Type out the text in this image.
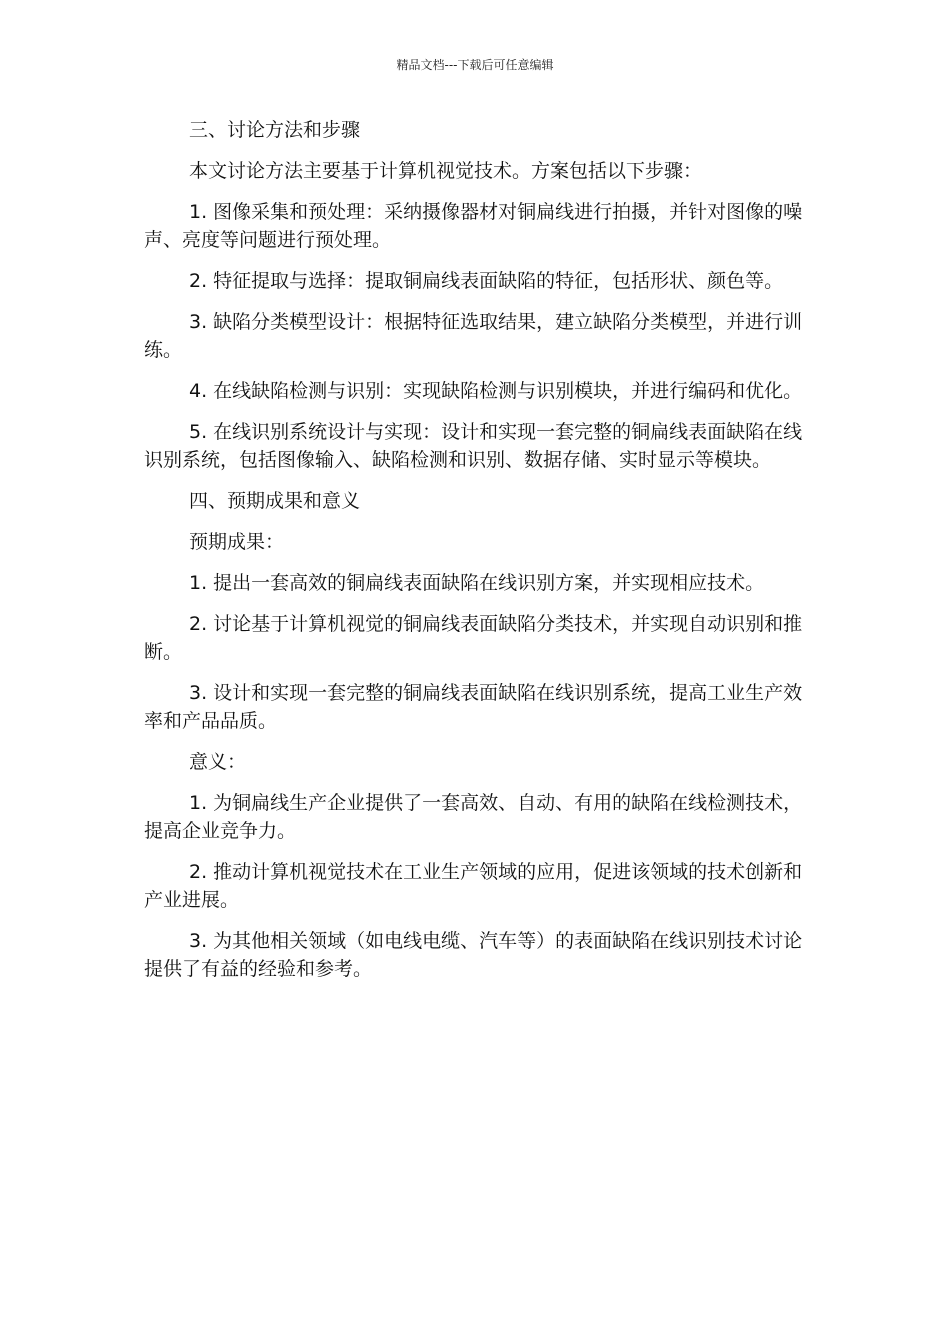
精品文档---下载后可任意编辑

三、讨论方法和步骤

本文讨论方法主要基于计算机视觉技术。方案包括以下步骤：

1. 图像采集和预处理：采纳摄像器材对铜扁线进行拍摄，并针对图像的噪声、亮度等问题进行预处理。

2. 特征提取与选择：提取铜扁线表面缺陷的特征，包括形状、颜色等。

3. 缺陷分类模型设计：根据特征选取结果，建立缺陷分类模型，并进行训练。

4. 在线缺陷检测与识别：实现缺陷检测与识别模块，并进行编码和优化。

5. 在线识别系统设计与实现：设计和实现一套完整的铜扁线表面缺陷在线识别系统，包括图像输入、缺陷检测和识别、数据存储、实时显示等模块。

四、预期成果和意义

预期成果：

1. 提出一套高效的铜扁线表面缺陷在线识别方案，并实现相应技术。

2. 讨论基于计算机视觉的铜扁线表面缺陷分类技术，并实现自动识别和推断。

3. 设计和实现一套完整的铜扁线表面缺陷在线识别系统，提高工业生产效率和产品品质。

意义：

1. 为铜扁线生产企业提供了一套高效、自动、有用的缺陷在线检测技术，提高企业竞争力。

2. 推动计算机视觉技术在工业生产领域的应用，促进该领域的技术创新和产业进展。

3. 为其他相关领域（如电线电缆、汽车等）的表面缺陷在线识别技术讨论提供了有益的经验和参考。
